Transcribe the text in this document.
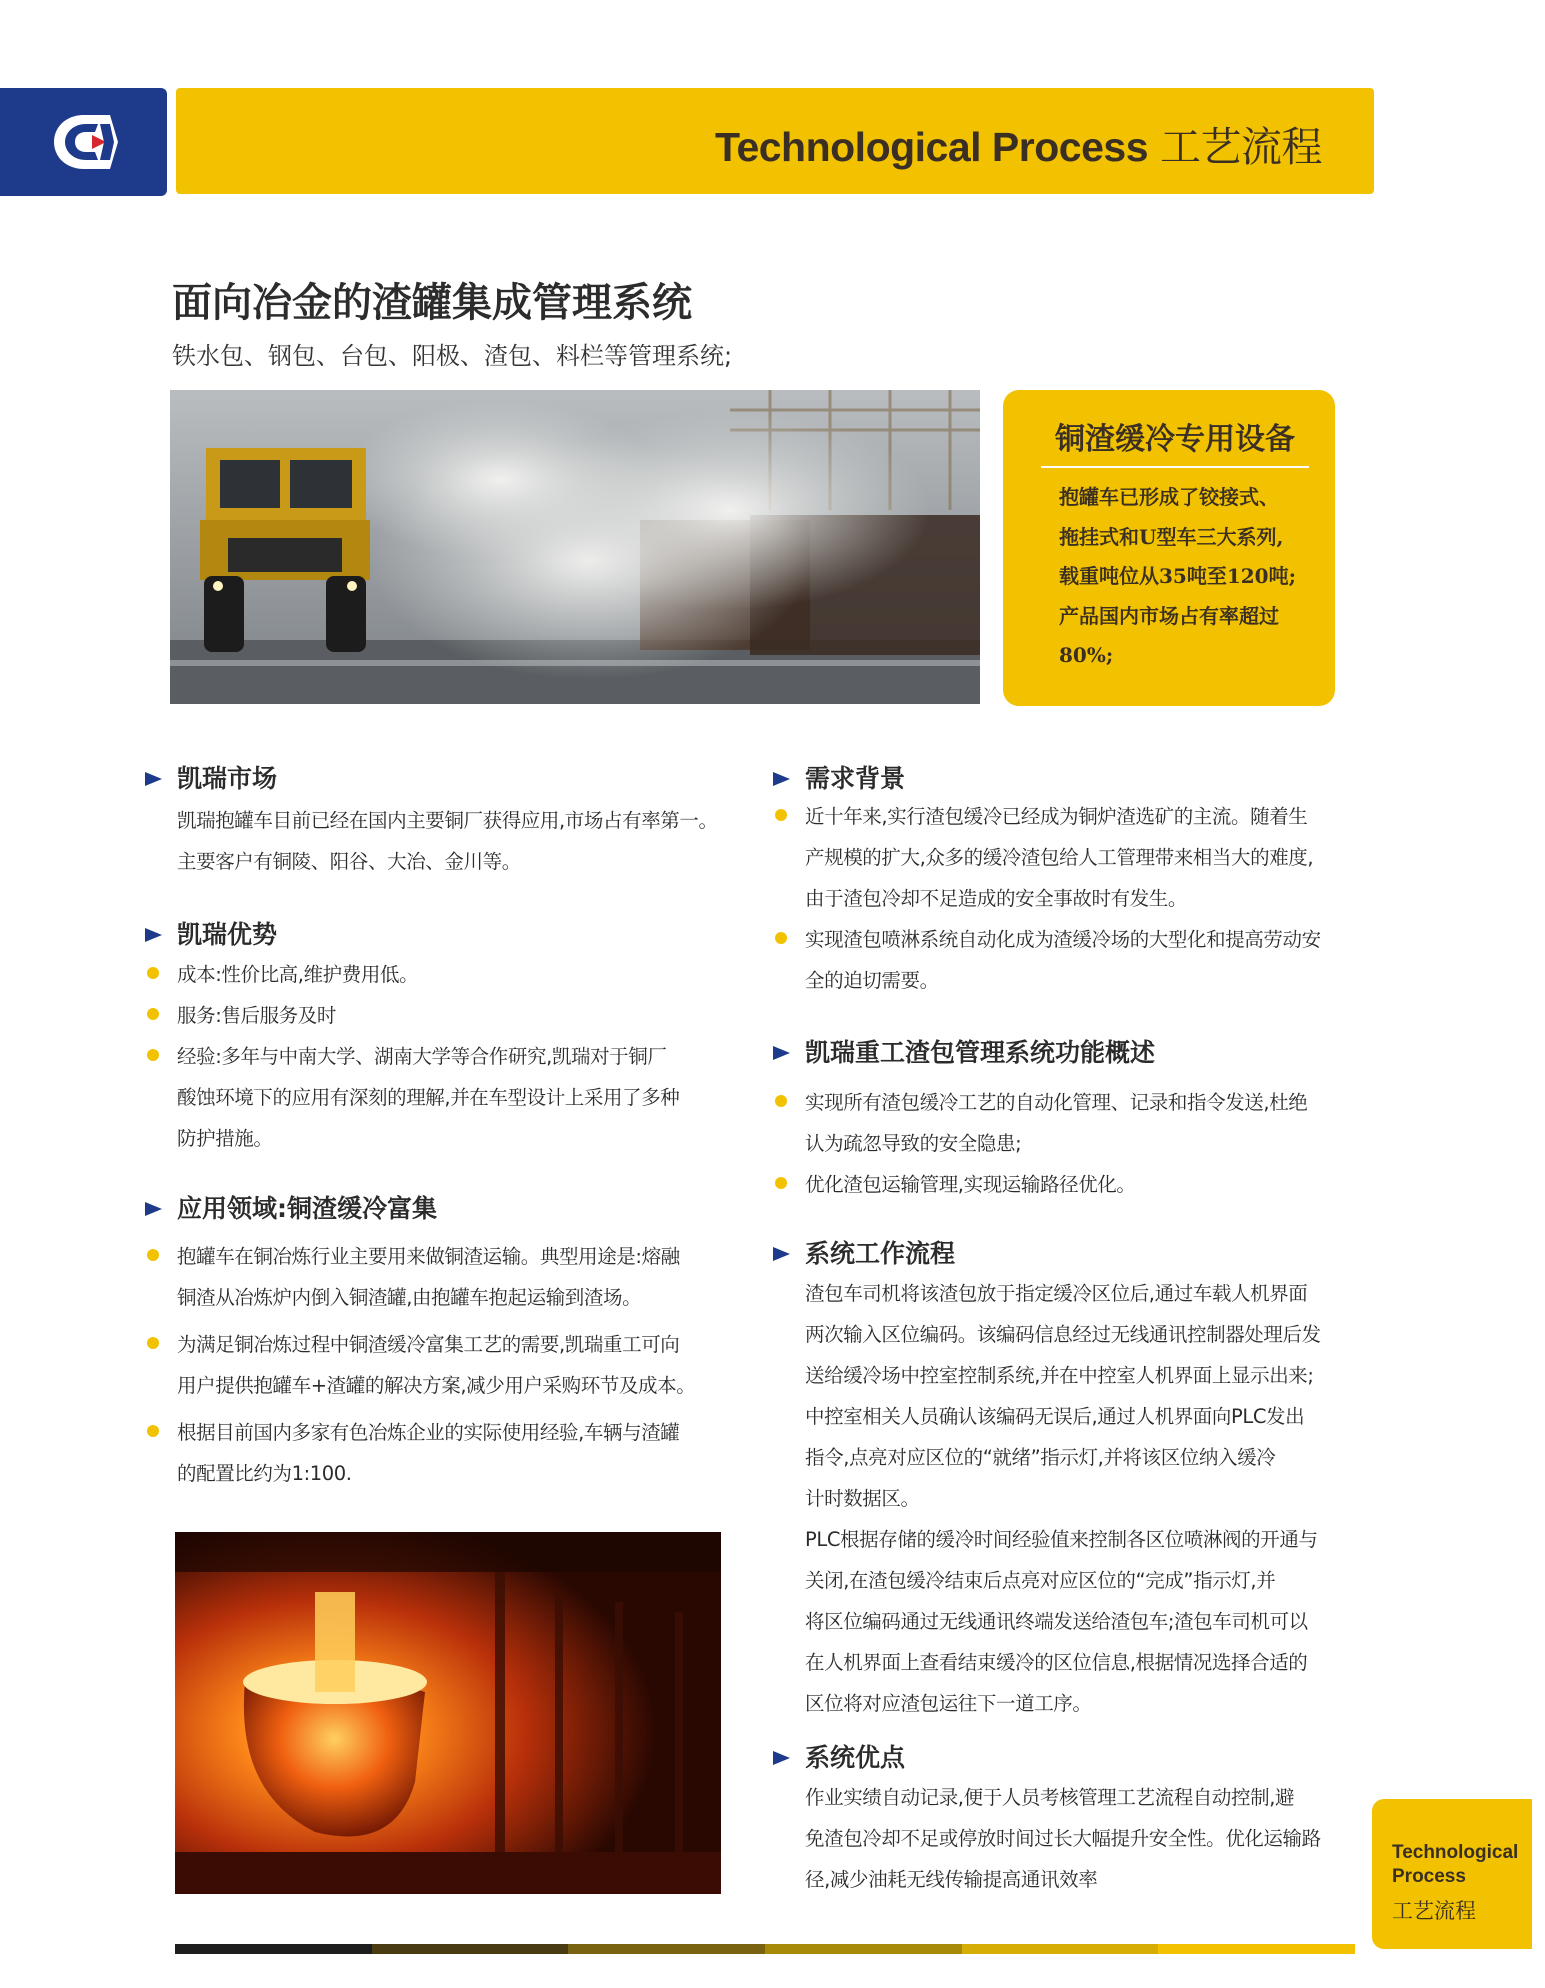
Technological Process 工艺流程
面向冶金的渣罐集成管理系统
铁水包、钢包、台包、阳极、渣包、料栏等管理系统;
铜渣缓冷专用设备
抱罐车已形成了铰接式、
拖挂式和U型车三大系列,
载重吨位从35吨至120吨;
产品国内市场占有率超过
80%;
凯瑞市场
凯瑞抱罐车目前已经在国内主要铜厂获得应用,市场占有率第一。
主要客户有铜陵、阳谷、大冶、金川等。
凯瑞优势
成本:性价比高,维护费用低。
服务:售后服务及时
经验:多年与中南大学、湖南大学等合作研究,凯瑞对于铜厂
酸蚀环境下的应用有深刻的理解,并在车型设计上采用了多种
防护措施。
应用领域:铜渣缓冷富集
抱罐车在铜冶炼行业主要用来做铜渣运输。典型用途是:熔融
铜渣从冶炼炉内倒入铜渣罐,由抱罐车抱起运输到渣场。
为满足铜冶炼过程中铜渣缓冷富集工艺的需要,凯瑞重工可向
用户提供抱罐车+渣罐的解决方案,减少用户采购环节及成本。
根据目前国内多家有色冶炼企业的实际使用经验,车辆与渣罐
的配置比约为1:100.
需求背景
近十年来,实行渣包缓冷已经成为铜炉渣选矿的主流。随着生
产规模的扩大,众多的缓冷渣包给人工管理带来相当大的难度,
由于渣包冷却不足造成的安全事故时有发生。
实现渣包喷淋系统自动化成为渣缓冷场的大型化和提高劳动安
全的迫切需要。
凯瑞重工渣包管理系统功能概述
实现所有渣包缓冷工艺的自动化管理、记录和指令发送,杜绝
认为疏忽导致的安全隐患;
优化渣包运输管理,实现运输路径优化。
系统工作流程
渣包车司机将该渣包放于指定缓冷区位后,通过车载人机界面
两次输入区位编码。该编码信息经过无线通讯控制器处理后发
送给缓冷场中控室控制系统,并在中控室人机界面上显示出来;
中控室相关人员确认该编码无误后,通过人机界面向PLC发出
指令,点亮对应区位的“就绪”指示灯,并将该区位纳入缓冷
计时数据区。
PLC根据存储的缓冷时间经验值来控制各区位喷淋阀的开通与
关闭,在渣包缓冷结束后点亮对应区位的“完成”指示灯,并
将区位编码通过无线通讯终端发送给渣包车;渣包车司机可以
在人机界面上查看结束缓冷的区位信息,根据情况选择合适的
区位将对应渣包运往下一道工序。
系统优点
作业实绩自动记录,便于人员考核管理工艺流程自动控制,避
免渣包冷却不足或停放时间过长大幅提升安全性。优化运输路
径,减少油耗无线传输提高通讯效率
Technological Process
工艺流程
